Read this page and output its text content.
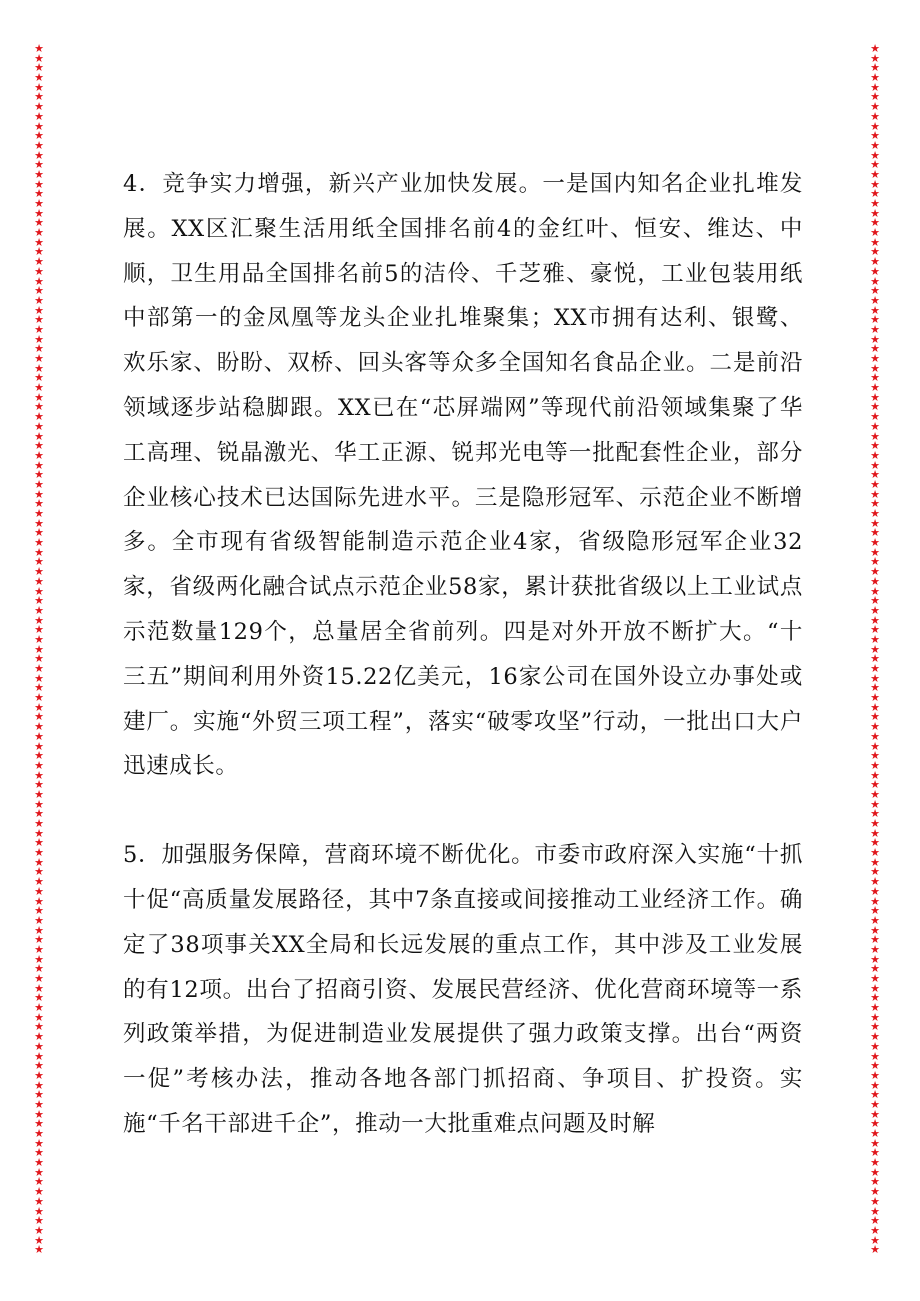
★
★
★
★
★
★
★
★
★
★
★
★
★
★
★
★
★
★
★
★
★
★
★
★
★
★
★
★
★
★
★
★
★
★
★
★
★
★
★
★
★
★
★
★
★
★
★
★
★
★
★
★
★
★
★
★
★
★
★
★
★
★
★
★
★
★
★
★
★
★
★
★
★
★
★
★
★
★
★
★
★
★
★
★
★
★
★
★
★
★
★
★
★
★
★
★
★
★
★
★
★
★
★
★
★
★
★
★
★
★
★
★
★
★
★
★
★
★
★
★
★
★
★
★
★
★
★
★
★
★
★
★
★
★
★
★
★
★
★
★
★
★
★
★
★
★
★
★
★
★
★
★
★
★
★
★
★
★
★
★
★
★
★
★
★
★
★
★
★
★
★
★
★
★
★
★
★
★
★
★
★
★
★
★
★
★
★
★
★
★
★
★
★
★
★
★
★
★
★
★
★
★
★
★
★
★
★
★
★
★
★
★
★
★
★
★
★
★
★
★
★
★
★
★
★
★
★
★
★
★
★
★
★
★
★
★
★
★
★
★
★
★
★
★
★
★
★
★
★
★

4．竞争实力增强，新兴产业加快发展。一是国内知名企业扎堆发展。XX区汇聚生活用纸全国排名前4的金红叶、恒安、维达、中顺，卫生用品全国排名前5的洁伶、千芝雅、豪悦，工业包装用纸中部第一的金凤凰等龙头企业扎堆聚集；XX市拥有达利、银鹭、欢乐家、盼盼、双桥、回头客等众多全国知名食品企业。二是前沿领域逐步站稳脚跟。XX已在“芯屏端网”等现代前沿领域集聚了华工高理、锐晶激光、华工正源、锐邦光电等一批配套性企业，部分企业核心技术已达国际先进水平。三是隐形冠军、示范企业不断增多。全市现有省级智能制造示范企业4家，省级隐形冠军企业32家，省级两化融合试点示范企业58家，累计获批省级以上工业试点示范数量129个，总量居全省前列。四是对外开放不断扩大。“十三五”期间利用外资15.22亿美元，16家公司在国外设立办事处或建厂。实施“外贸三项工程”，落实“破零攻坚”行动，一批出口大户迅速成长。

5．加强服务保障，营商环境不断优化。市委市政府深入实施“十抓十促“高质量发展路径，其中7条直接或间接推动工业经济工作。确定了38项事关XX全局和长远发展的重点工作，其中涉及工业发展的有12项。出台了招商引资、发展民营经济、优化营商环境等一系列政策举措，为促进制造业发展提供了强力政策支撑。出台“两资一促”考核办法，推动各地各部门抓招商、争项目、扩投资。实施“千名干部进千企”，推动一大批重难点问题及时解
